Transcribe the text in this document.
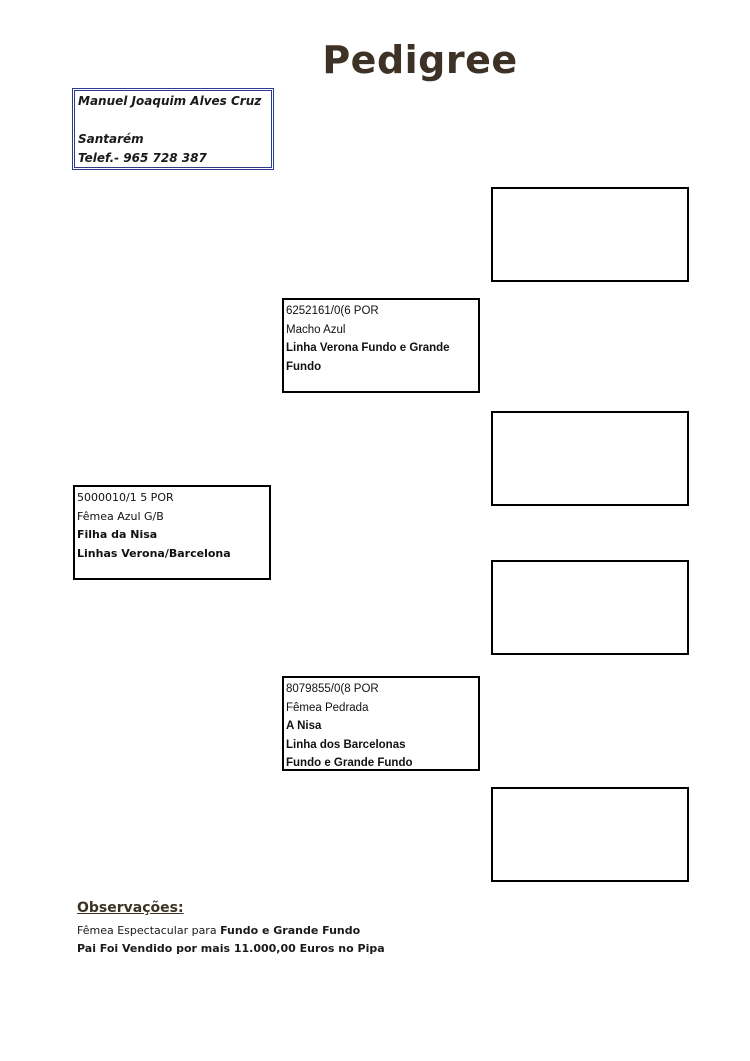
Pedigree
Manuel Joaquim Alves Cruz
Santarém
Telef.- 965 728 387
6252161/0(6 POR
Macho Azul
Linha Verona Fundo e Grande
Fundo
5000010/1 5 POR
Fêmea Azul G/B
Filha da Nisa
Linhas Verona/Barcelona
8079855/0(8 POR
Fêmea Pedrada
A Nisa
Linha dos Barcelonas
Fundo e Grande Fundo
Observações:
Fêmea Espectacular para Fundo e Grande Fundo
Pai Foi Vendido por mais 11.000,00 Euros no Pipa
